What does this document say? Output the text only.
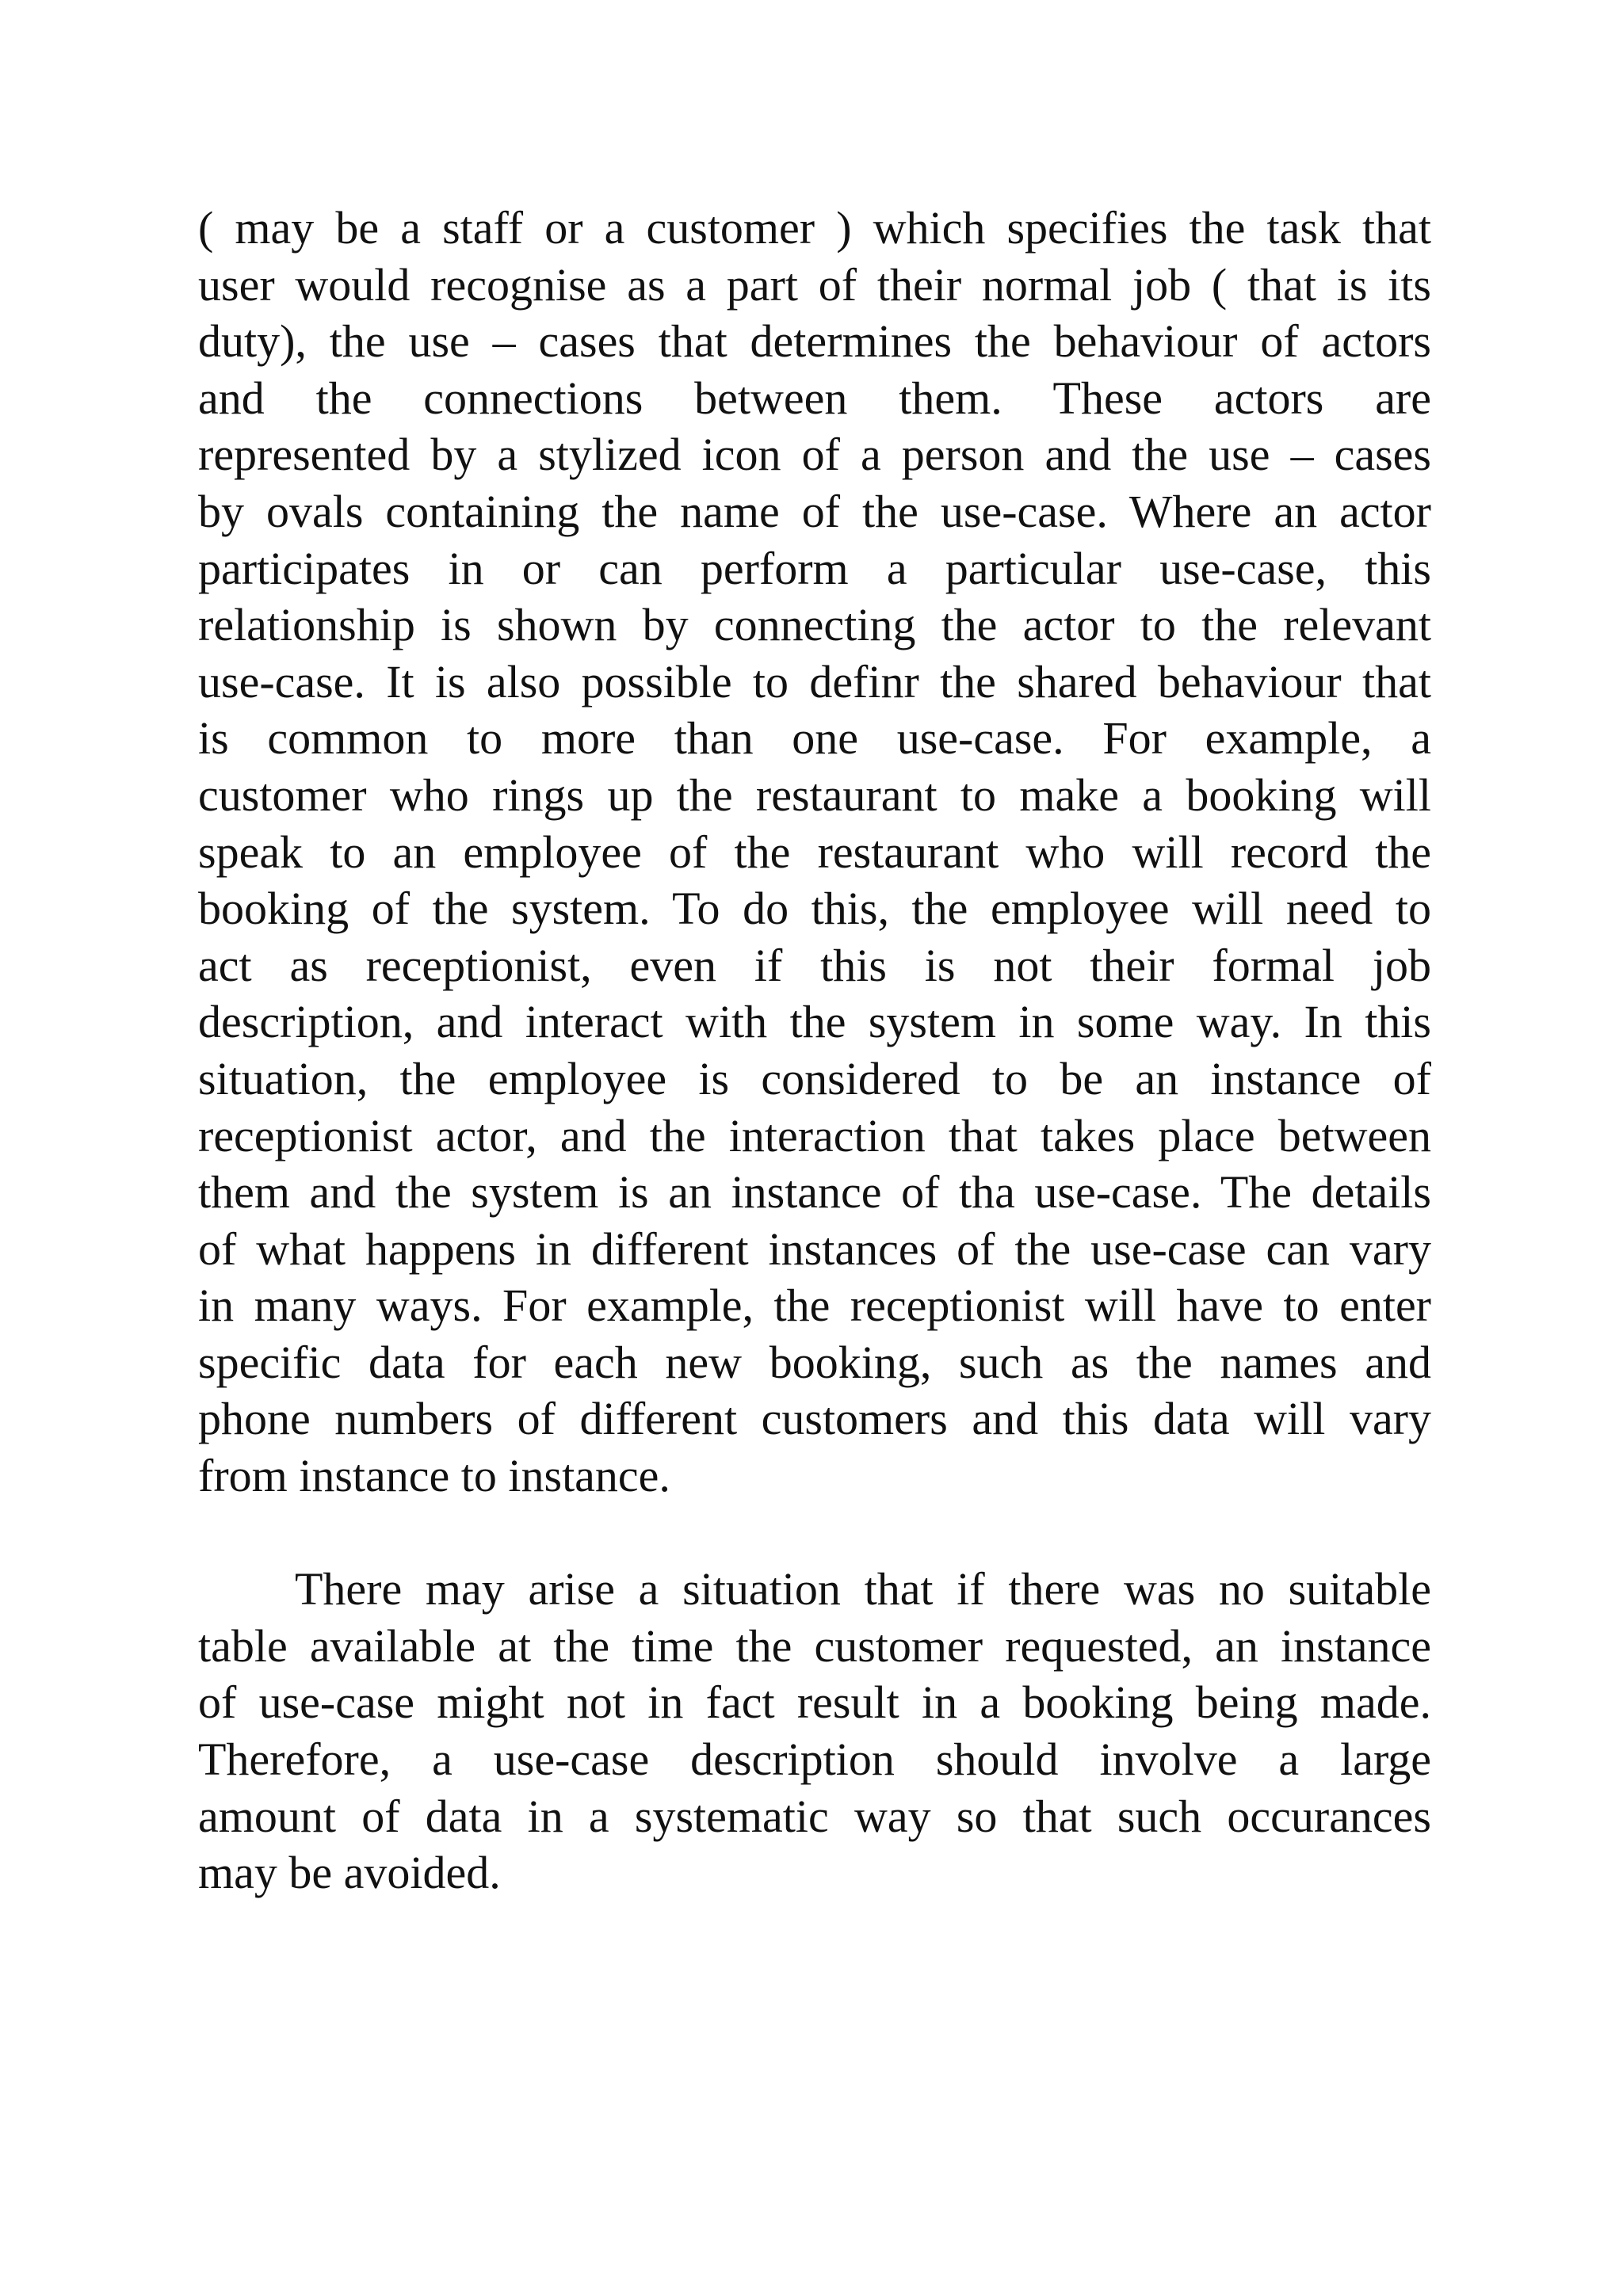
( may be a staff or a customer ) which specifies the task that
user would recognise as a part of their normal job ( that is its
duty), the use – cases that determines the behaviour of actors
and the connections between them. These actors are
represented by a stylized icon of a person and the use – cases
by ovals containing the name of the use-case. Where an actor
participates in or can perform a particular use-case, this
relationship is shown by connecting the actor to the relevant
use-case. It is also possible to definr the shared behaviour that
is common to more than one use-case. For example, a
customer who rings up the restaurant to make a booking will
speak to an employee of the restaurant who will record the
booking of the system. To do this, the employee will need to
act as receptionist, even if this is not their formal job
description, and interact with the system in some way. In this
situation, the employee is considered to be an instance of
receptionist actor, and the interaction that takes place between
them and the system is an instance of tha use-case. The details
of what happens in different instances of the use-case can vary
in many ways. For example, the receptionist will have to enter
specific data for each new booking, such as the names and
phone numbers of different customers and this data will vary
from instance to instance.

There may arise a situation that if there was no suitable
table available at the time the customer requested, an instance
of use-case might not in fact result in a booking being made.
Therefore, a use-case description should involve a large
amount of data in a systematic way so that such occurances
may be avoided.
